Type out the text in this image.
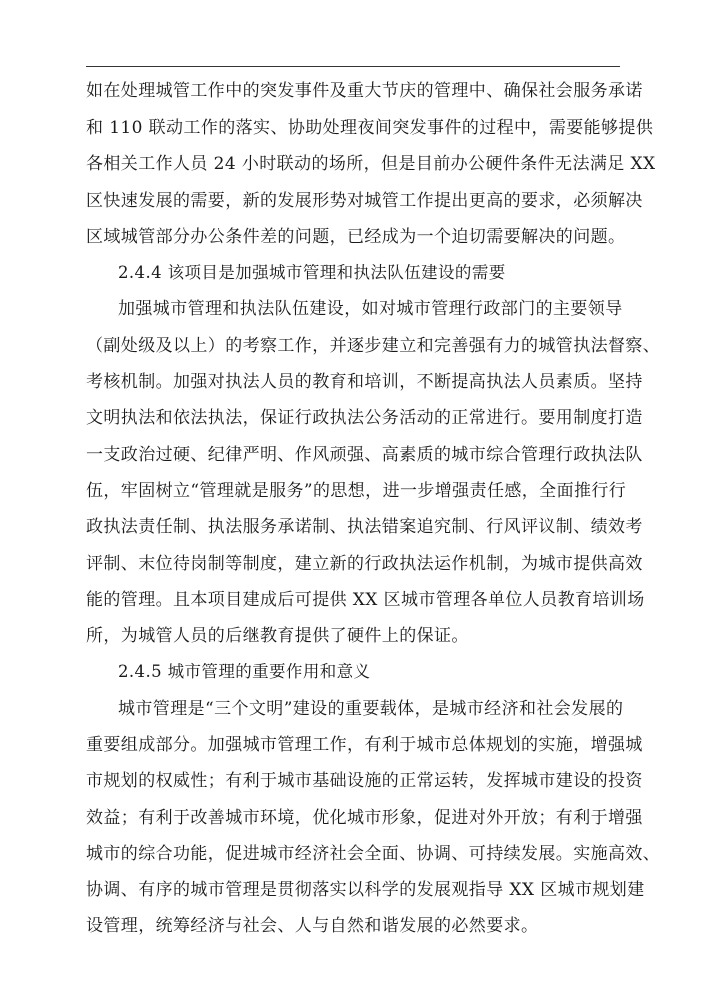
如在处理城管工作中的突发事件及重大节庆的管理中、确保社会服务承诺
和 110 联动工作的落实、协助处理夜间突发事件的过程中，需要能够提供
各相关工作人员 24 小时联动的场所，但是目前办公硬件条件无法满足 XX
区快速发展的需要，新的发展形势对城管工作提出更高的要求，必须解决
区域城管部分办公条件差的问题，已经成为一个迫切需要解决的问题。
2.4.4 该项目是加强城市管理和执法队伍建设的需要
加强城市管理和执法队伍建设，如对城市管理行政部门的主要领导
（副处级及以上）的考察工作，并逐步建立和完善强有力的城管执法督察、
考核机制。加强对执法人员的教育和培训，不断提高执法人员素质。坚持
文明执法和依法执法，保证行政执法公务活动的正常进行。要用制度打造
一支政治过硬、纪律严明、作风顽强、高素质的城市综合管理行政执法队
伍，牢固树立“管理就是服务”的思想，进一步增强责任感，全面推行行
政执法责任制、执法服务承诺制、执法错案追究制、行风评议制、绩效考
评制、末位待岗制等制度，建立新的行政执法运作机制，为城市提供高效
能的管理。且本项目建成后可提供 XX 区城市管理各单位人员教育培训场
所，为城管人员的后继教育提供了硬件上的保证。
2.4.5 城市管理的重要作用和意义
城市管理是“三个文明”建设的重要载体，是城市经济和社会发展的
重要组成部分。加强城市管理工作，有利于城市总体规划的实施，增强城
市规划的权威性；有利于城市基础设施的正常运转，发挥城市建设的投资
效益；有利于改善城市环境，优化城市形象，促进对外开放；有利于增强
城市的综合功能，促进城市经济社会全面、协调、可持续发展。实施高效、
协调、有序的城市管理是贯彻落实以科学的发展观指导 XX 区城市规划建
设管理，统筹经济与社会、人与自然和谐发展的必然要求。
